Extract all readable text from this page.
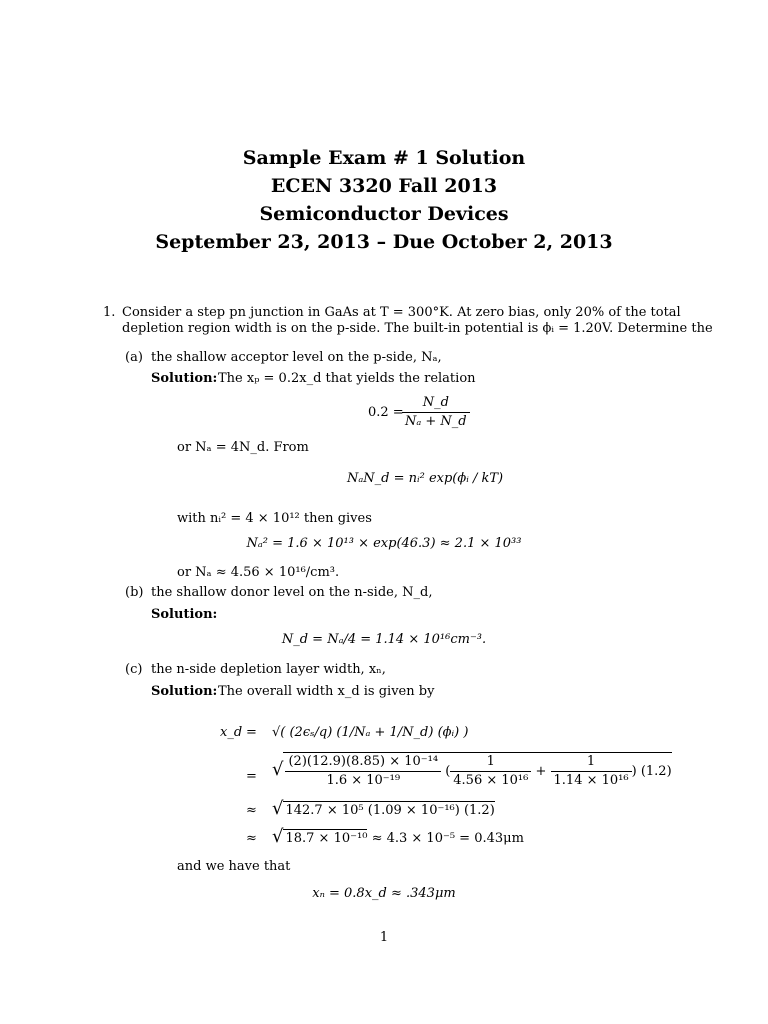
Sample Exam # 1 Solution
ECEN 3320 Fall 2013
Semiconductor Devices
September 23, 2013 – Due October 2, 2013
1. Consider a step pn junction in GaAs at T = 300°K. At zero bias, only 20% of the total
depletion region width is on the p-side. The built-in potential is ϕᵢ = 1.20V. Determine the
(a) the shallow acceptor level on the p-side, Nₐ,
Solution: The xₚ = 0.2x_d that yields the relation
0.2 =
$\frac{N\_d}{\text{Nₐ + N\_d}}$
or Nₐ = 4N_d. From
NₐN_d = nᵢ² exp(ϕᵢ / kT)
with nᵢ² = 4 × 10¹² then gives
Nₐ² = 1.6 × 10¹³ × exp(46.3) ≈ 2.1 × 10³³
or Nₐ ≈ 4.56 × 10¹⁶/cm³.
(b) the shallow donor level on the n-side, N_d,
Solution:
N_d = Nₐ/4 = 1.14 × 10¹⁶cm⁻³.
(c) the n-side depletion layer width, xₙ,
Solution: The overall width x_d is given by
x_d = √( (2ϵₛ/q) (1/Nₐ + 1/N_d) (ϕᵢ) )
= √ $\frac{\text{(2)(12.9)(8.85) × 10⁻¹⁴}}{\text{1.6 × 10⁻¹⁹}}$ ( $\frac{1}{\text{4.56 × 10¹⁶}} + \frac{1}{\text{1.14 × 10¹⁶}}$ ) (1.2)
≈ √ 142.7 × 10⁵ (1.09 × 10⁻¹⁶) (1.2)
≈ √ 18.7 × 10⁻¹⁰ ≈ 4.3 × 10⁻⁵ = 0.43μm
and we have that
xₙ = 0.8x_d ≈ .343μm
1
